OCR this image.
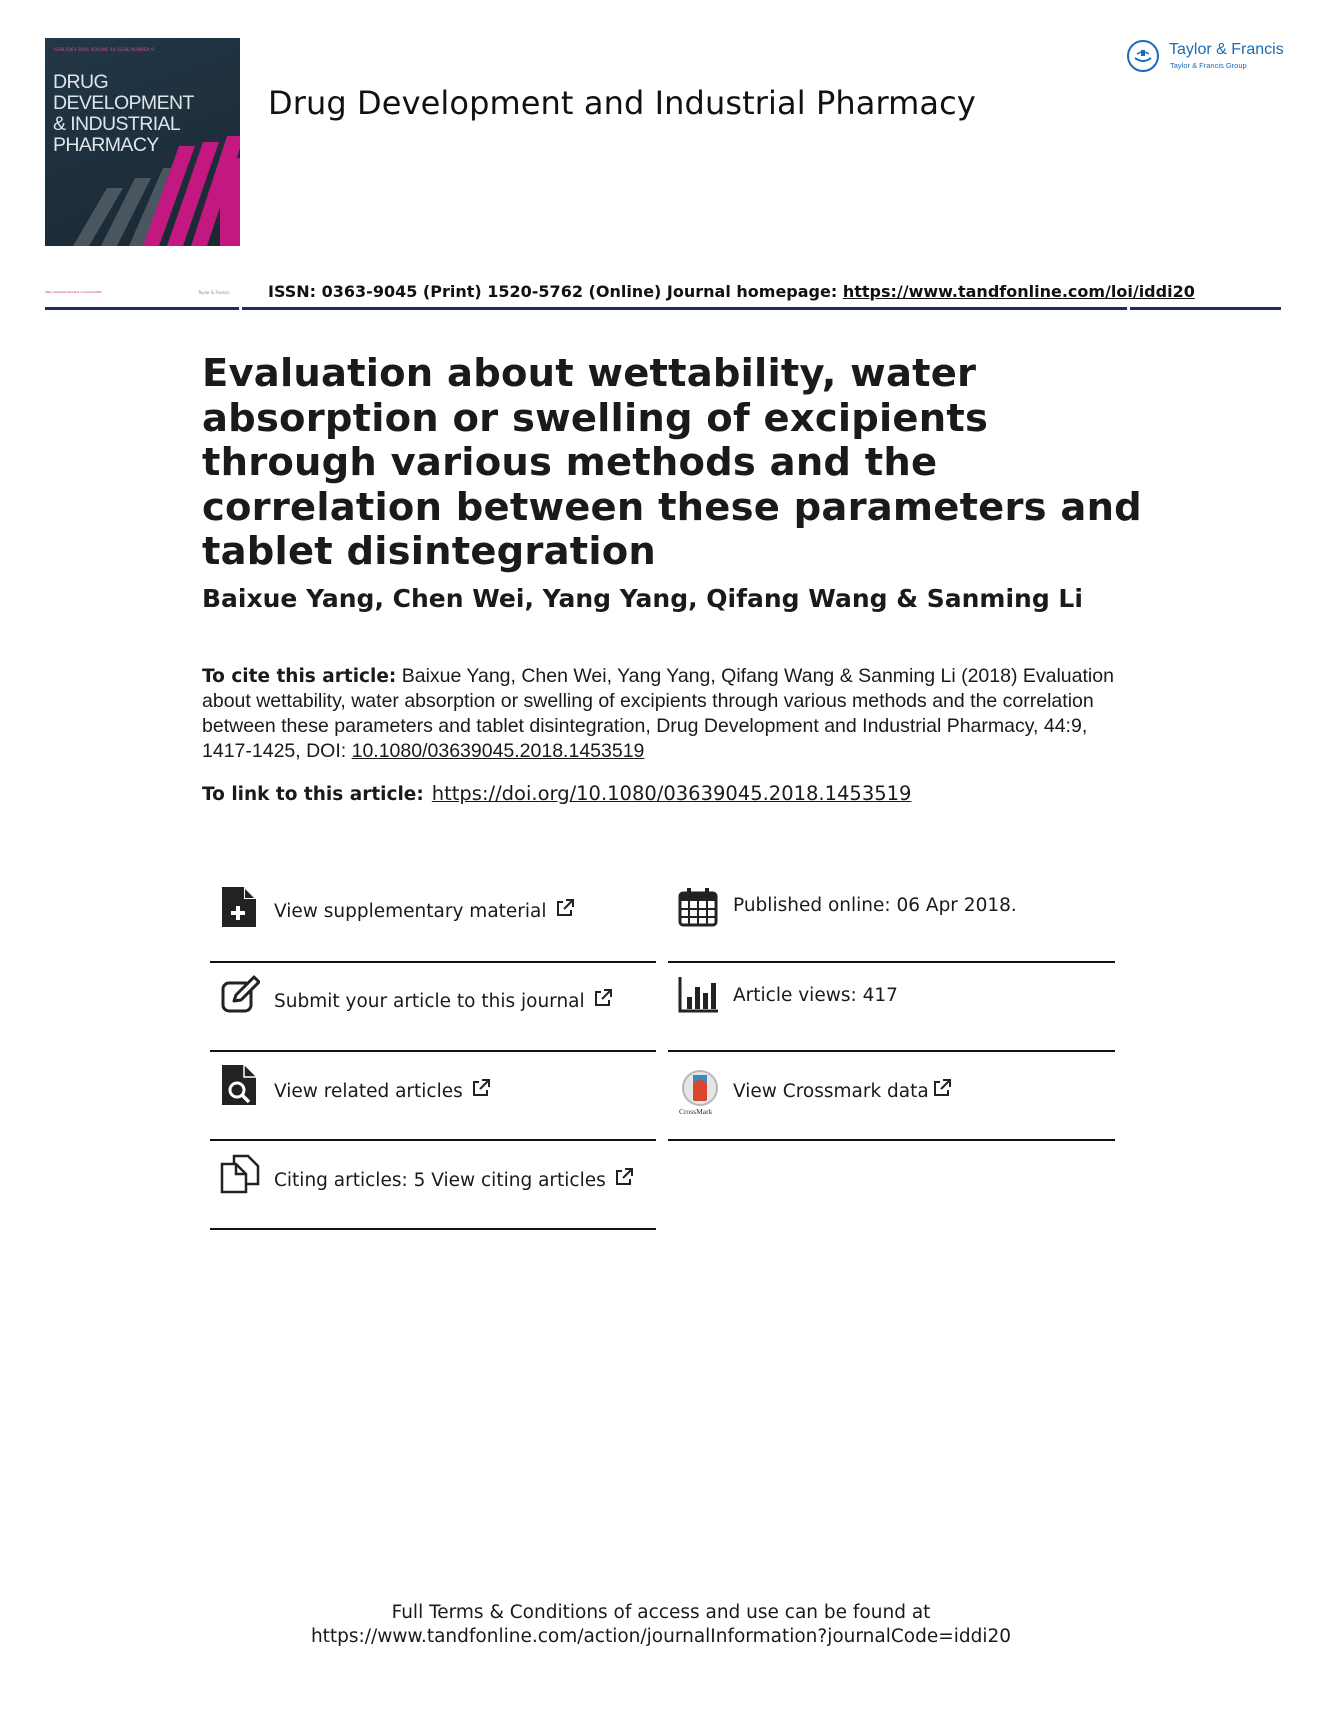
ISSN 0363-9045 VOLUME 44 ISSUE NUMBER 9
DRUG DEVELOPMENT
& INDUSTRIAL
PHARMACY
Drug Development and Industrial Pharmacy
Taylor & Francis
Taylor & Francis Group
http://www.tandfonline.com/loi/iddi20	Taylor & Francis ISSN: 0363-9045 (Print) 1520-5762 (Online) Journal homepage: https://www.tandfonline.com/loi/iddi20
Evaluation about wettability, water absorption or swelling of excipients through various methods and the correlation between these parameters and tablet disintegration
Baixue Yang, Chen Wei, Yang Yang, Qifang Wang & Sanming Li
To cite this article: Baixue Yang, Chen Wei, Yang Yang, Qifang Wang & Sanming Li (2018) Evaluation about wettability, water absorption or swelling of excipients through various methods and the correlation between these parameters and tablet disintegration, Drug Development and Industrial Pharmacy, 44:9, 1417-1425, DOI: 10.1080/03639045.2018.1453519
To link to this article: https://doi.org/10.1080/03639045.2018.1453519
View supplementary material
Submit your article to this journal
View related articles
Citing articles: 5 View citing articles
Published online: 06 Apr 2018.
Article views: 417
CrossMark
View Crossmark data
Full Terms & Conditions of access and use can be found at
https://www.tandfonline.com/action/journalInformation?journalCode=iddi20
